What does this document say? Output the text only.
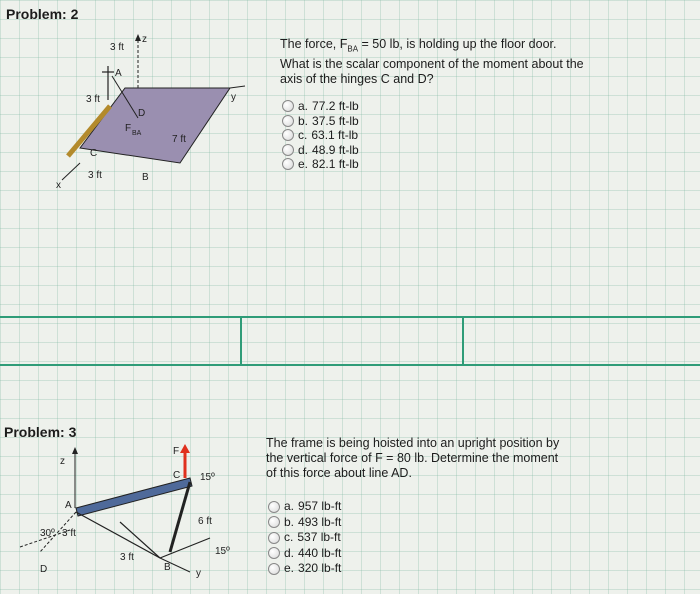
Problem: 2
z
y
x
A
F BA
D
C
B
3 ft
3 ft
3 ft
7 ft
The force, $F_{BA} = 50$ lb, is holding up the floor door.
What is the scalar component of the moment about the
axis of the hinges C and D?
a. 77.2 ft-lb
b. 37.5 ft-lb
c. 63.1 ft-lb
d. 48.9 ft-lb
e. 82.1 ft-lb
Problem: 3
z
F
C
A
B
D	y
15º
15º
30º
6 ft
3 ft
3 ft
The frame is being hoisted into an upright position by
the vertical force of F = 80 lb. Determine the moment
of this force about line AD.
a. 957 lb-ft
b. 493 lb-ft
c. 537 lb-ft
d. 440 lb-ft
e. 320 lb-ft
